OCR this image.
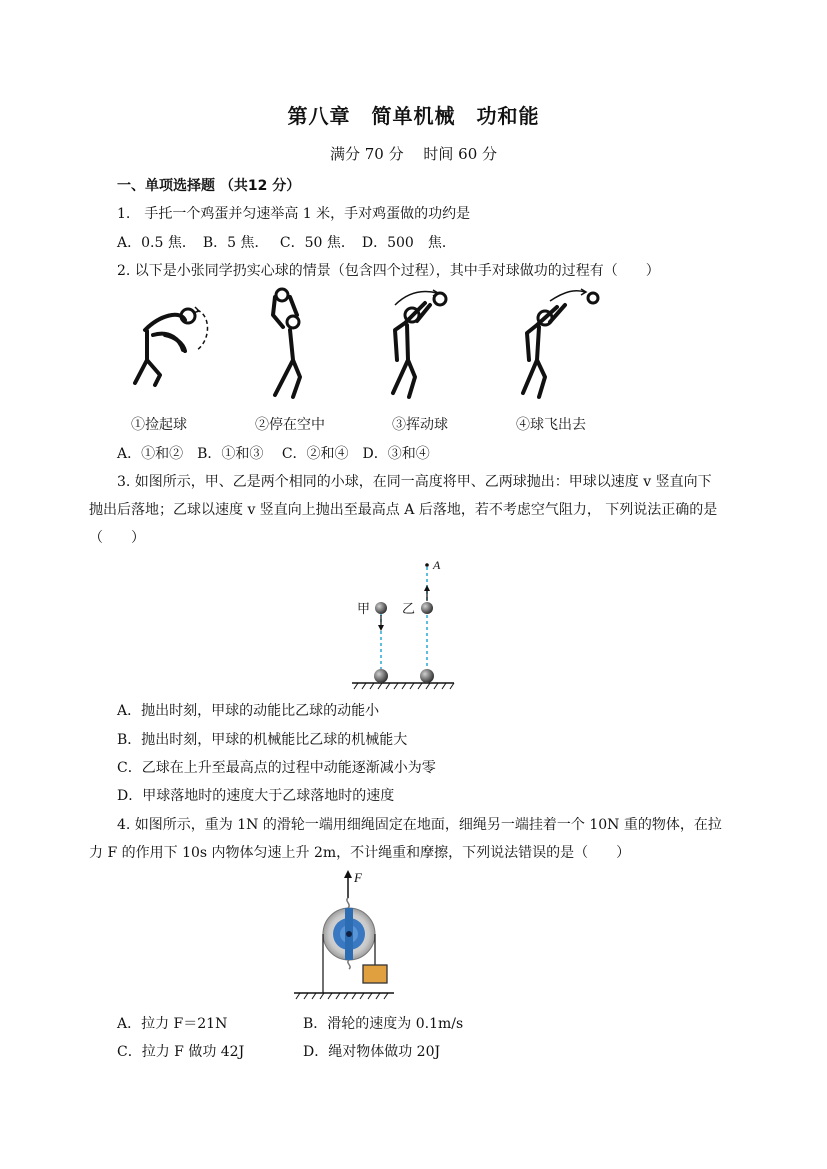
第八章　简单机械　功和能
满分 70 分　 时间 60 分
一、单项选择题 （共12 分）
1.　手托一个鸡蛋并匀速举高 1 米，手对鸡蛋做的功约是
A．0.5 焦．　B．5 焦．　 C．50 焦．　D．500　焦．
2. 以下是小张同学扔实心球的情景（包含四个过程），其中手对球做功的过程有（　　）
①捡起球	②停在空中	③挥动球	④球飞出去
A．①和②　B．①和③　 C．②和④　D．③和④
3. 如图所示，甲、乙是两个相同的小球，在同一高度将甲、乙两球抛出：甲球以速度 v 竖直向下
抛出后落地；乙球以速度 v 竖直向上抛出至最高点 A 后落地，若不考虑空气阻力， 下列说法正确的是
（　　）
A
甲 乙
A．抛出时刻，甲球的动能比乙球的动能小
B．抛出时刻，甲球的机械能比乙球的机械能大
C．乙球在上升至最高点的过程中动能逐渐减小为零
D．甲球落地时的速度大于乙球落地时的速度
4. 如图所示，重为 1N 的滑轮一端用细绳固定在地面，细绳另一端挂着一个 10N 重的物体，在拉
力 F 的作用下 10s 内物体匀速上升 2m，不计绳重和摩擦，下列说法错误的是（　　）
F
A．拉力 F＝21N	B．滑轮的速度为 0.1m/s
C．拉力 F 做功 42J	D．绳对物体做功 20J
